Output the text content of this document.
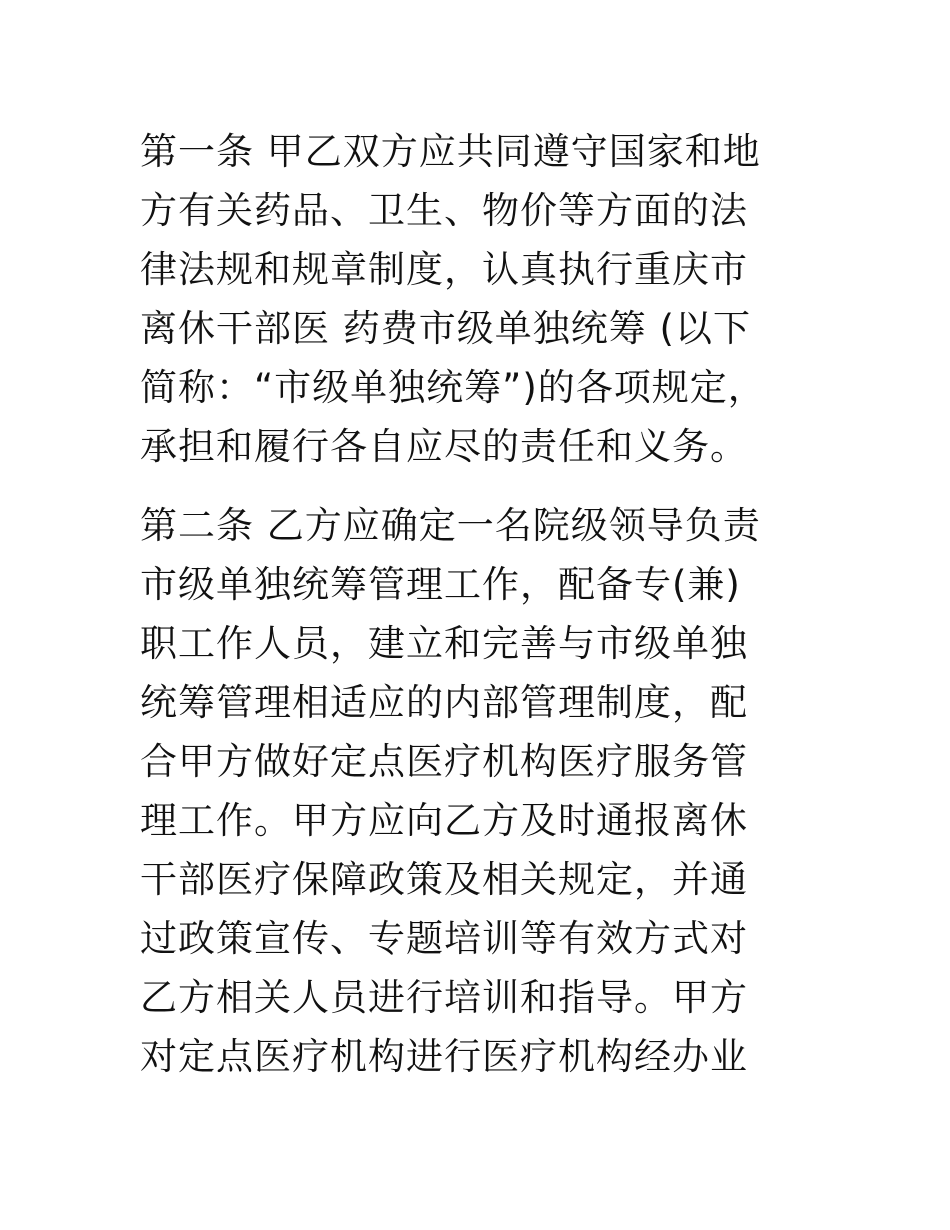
第一条 甲乙双方应共同遵守国家和地
方有关药品、卫生、物价等方面的法
律法规和规章制度，认真执行重庆市
离休干部医 药费市级单独统筹 (以下
简称：“市级单独统筹”)的各项规定，
承担和履行各自应尽的责任和义务。

第二条 乙方应确定一名院级领导负责
市级单独统筹管理工作，配备专(兼)
职工作人员，建立和完善与市级单独
统筹管理相适应的内部管理制度，配
合甲方做好定点医疗机构医疗服务管
理工作。甲方应向乙方及时通报离休
干部医疗保障政策及相关规定，并通
过政策宣传、专题培训等有效方式对
乙方相关人员进行培训和指导。甲方
对定点医疗机构进行医疗机构经办业
